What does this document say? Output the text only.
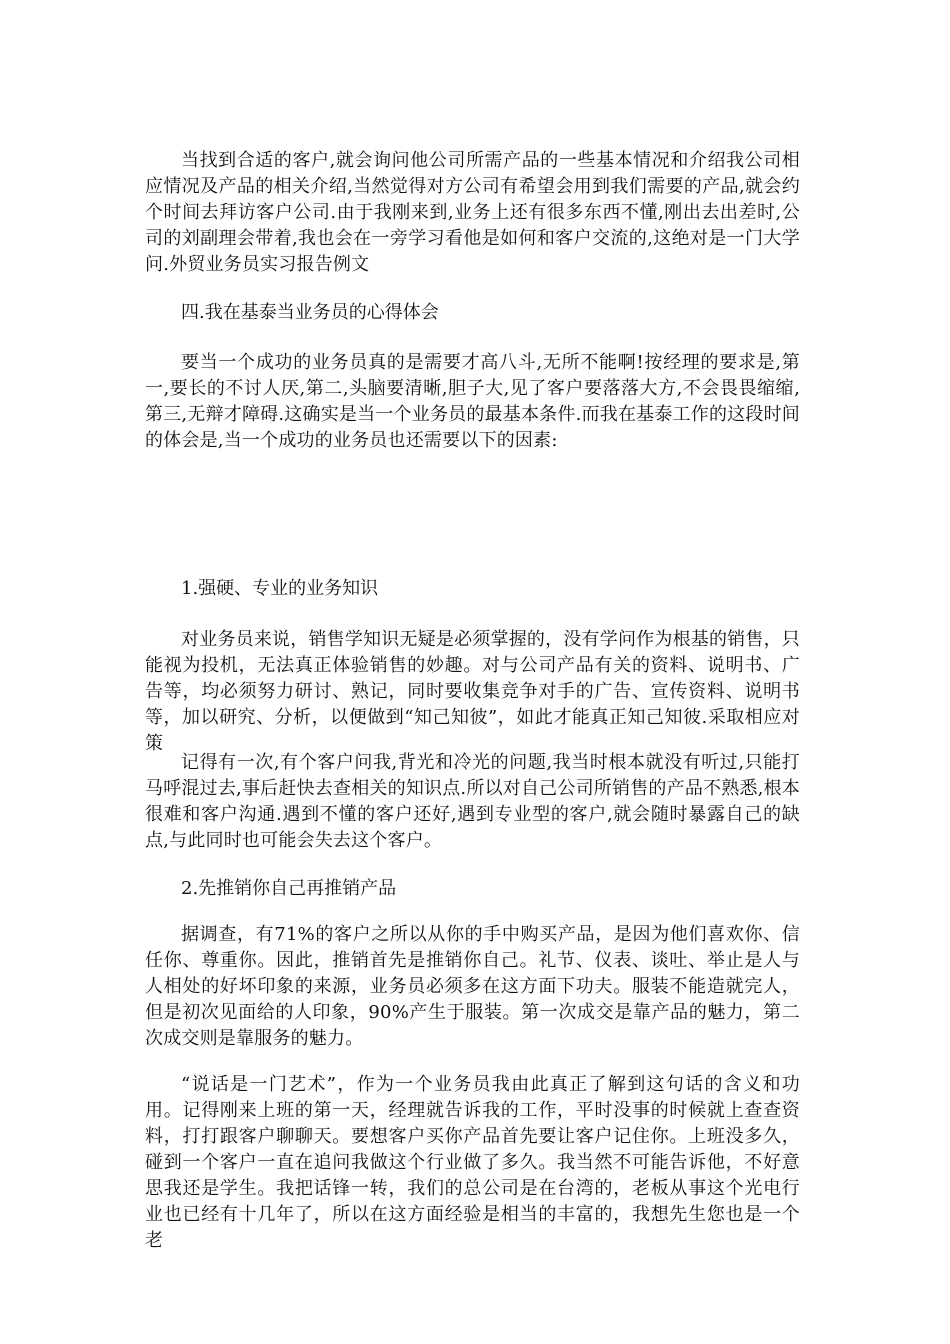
当找到合适的客户,就会询问他公司所需产品的一些基本情况和介绍我公司相应情况及产品的相关介绍,当然觉得对方公司有希望会用到我们需要的产品,就会约个时间去拜访客户公司.由于我刚来到,业务上还有很多东西不懂,刚出去出差时,公司的刘副理会带着,我也会在一旁学习看他是如何和客户交流的,这绝对是一门大学问.外贸业务员实习报告例文

四.我在基泰当业务员的心得体会

要当一个成功的业务员真的是需要才高八斗,无所不能啊!按经理的要求是,第一,要长的不讨人厌,第二,头脑要清晰,胆子大,见了客户要落落大方,不会畏畏缩缩,第三,无辩才障碍.这确实是当一个业务员的最基本条件.而我在基泰工作的这段时间的体会是,当一个成功的业务员也还需要以下的因素:

1.强硬、专业的业务知识

对业务员来说，销售学知识无疑是必须掌握的，没有学问作为根基的销售，只能视为投机，无法真正体验销售的妙趣。对与公司产品有关的资料、说明书、广告等，均必须努力研讨、熟记，同时要收集竞争对手的广告、宣传资料、说明书等，加以研究、分析，以便做到“知己知彼”，如此才能真正知己知彼.采取相应对策

记得有一次,有个客户问我,背光和冷光的问题,我当时根本就没有听过,只能打马呼混过去,事后赶快去查相关的知识点.所以对自己公司所销售的产品不熟悉,根本很难和客户沟通.遇到不懂的客户还好,遇到专业型的客户,就会随时暴露自己的缺点,与此同时也可能会失去这个客户。

2.先推销你自己再推销产品

据调查，有71%的客户之所以从你的手中购买产品，是因为他们喜欢你、信任你、尊重你。因此，推销首先是推销你自己。礼节、仪表、谈吐、举止是人与人相处的好坏印象的来源，业务员必须多在这方面下功夫。服装不能造就完人，但是初次见面给的人印象，90%产生于服装。第一次成交是靠产品的魅力，第二次成交则是靠服务的魅力。

“说话是一门艺术”，作为一个业务员我由此真正了解到这句话的含义和功用。记得刚来上班的第一天，经理就告诉我的工作，平时没事的时候就上查查资料，打打跟客户聊聊天。要想客户买你产品首先要让客户记住你。上班没多久，碰到一个客户一直在追问我做这个行业做了多久。我当然不可能告诉他，不好意思我还是学生。我把话锋一转，我们的总公司是在台湾的，老板从事这个光电行业也已经有十几年了，所以在这方面经验是相当的丰富的，我想先生您也是一个老
